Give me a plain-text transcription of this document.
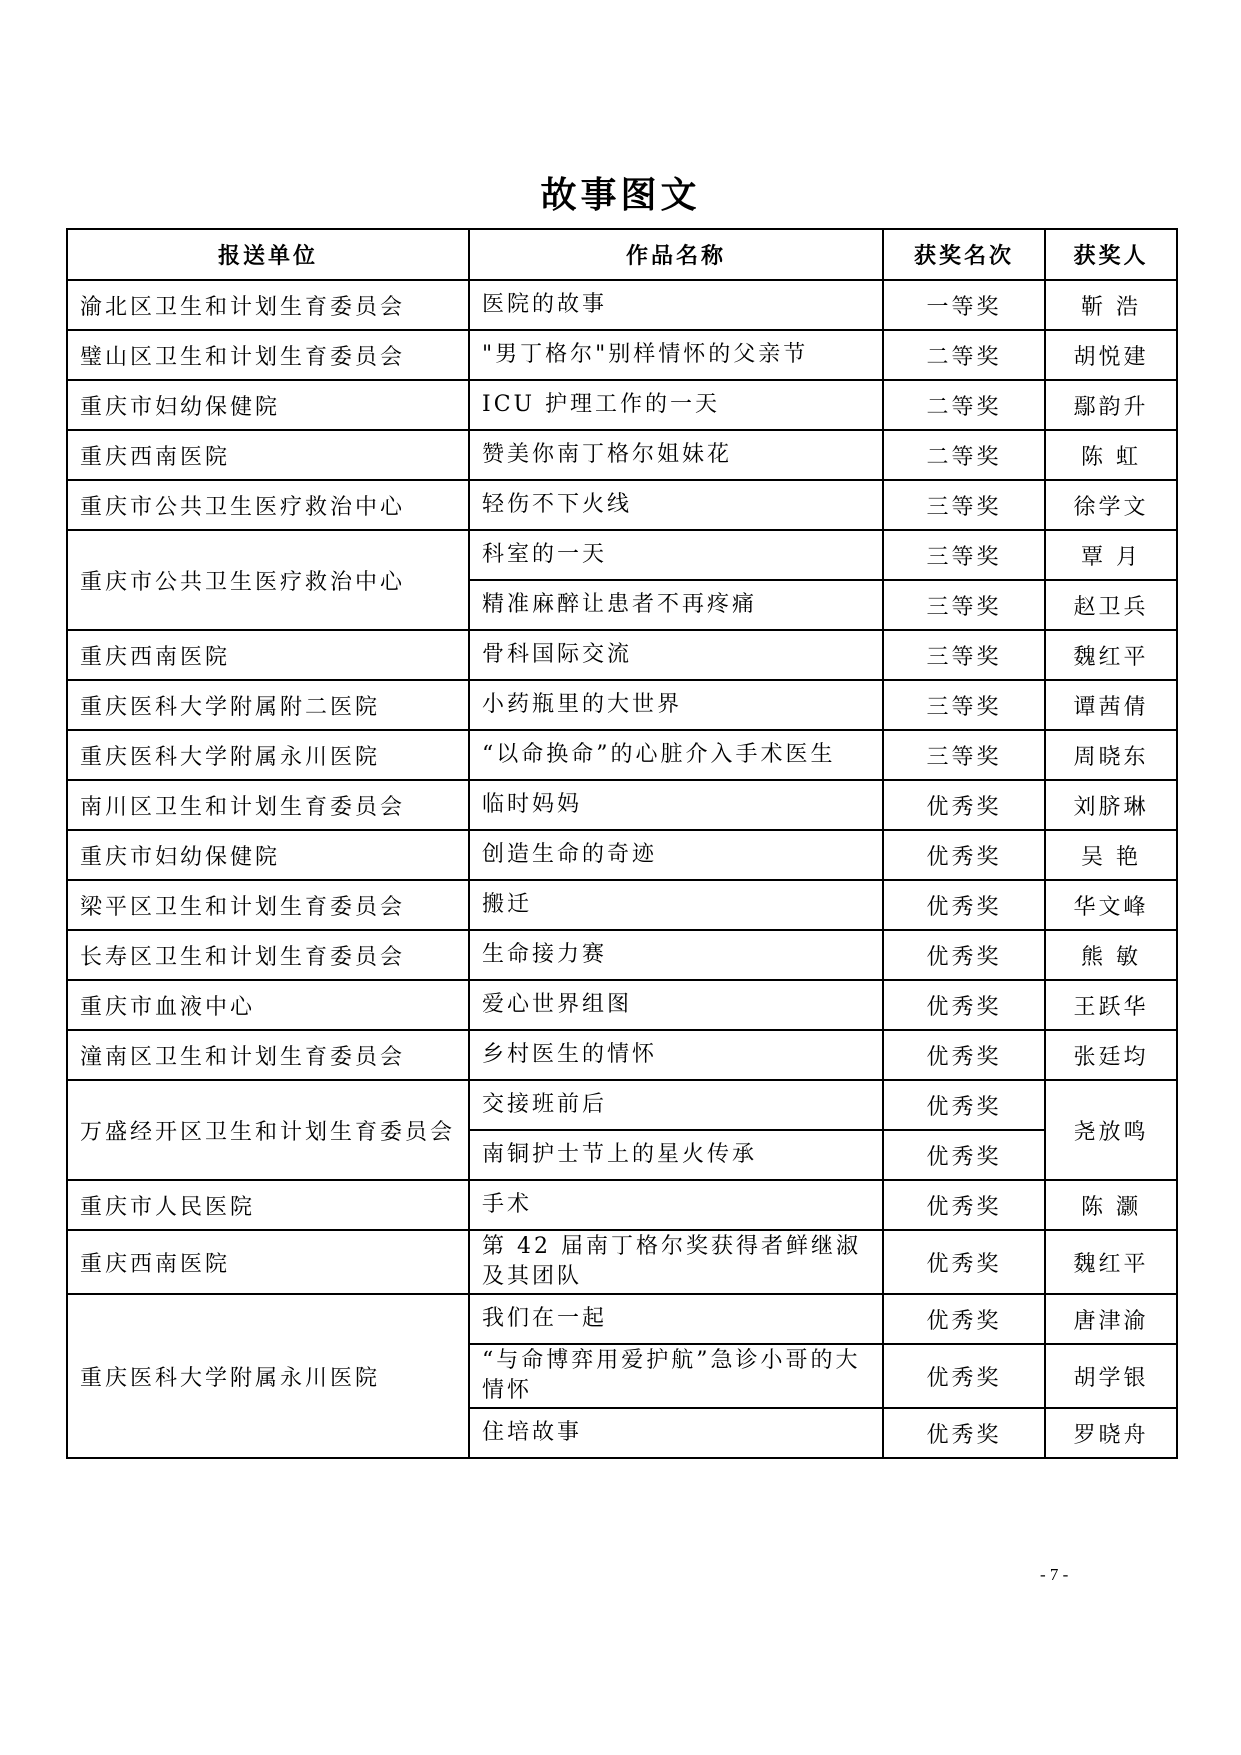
故事图文
报送单位	作品名称	获奖名次	获奖人
渝北区卫生和计划生育委员会	医院的故事	一等奖	靳 浩
璧山区卫生和计划生育委员会	"男丁格尔"别样情怀的父亲节	二等奖	胡悦建
重庆市妇幼保健院	ICU 护理工作的一天	二等奖	鄢韵升
重庆西南医院	赞美你南丁格尔姐妹花	二等奖	陈 虹
重庆市公共卫生医疗救治中心	轻伤不下火线	三等奖	徐学文
重庆市公共卫生医疗救治中心	科室的一天	三等奖	覃 月
	精准麻醉让患者不再疼痛	三等奖	赵卫兵
重庆西南医院	骨科国际交流	三等奖	魏红平
重庆医科大学附属附二医院	小药瓶里的大世界	三等奖	谭茜倩
重庆医科大学附属永川医院	“以命换命”的心脏介入手术医生	三等奖	周晓东
南川区卫生和计划生育委员会	临时妈妈	优秀奖	刘脐琳
重庆市妇幼保健院	创造生命的奇迹	优秀奖	吴 艳
梁平区卫生和计划生育委员会	搬迁	优秀奖	华文峰
长寿区卫生和计划生育委员会	生命接力赛	优秀奖	熊 敏
重庆市血液中心	爱心世界组图	优秀奖	王跃华
潼南区卫生和计划生育委员会	乡村医生的情怀	优秀奖	张廷均
万盛经开区卫生和计划生育委员会	交接班前后	优秀奖	尧放鸣
	南铜护士节上的星火传承	优秀奖	
重庆市人民医院	手术	优秀奖	陈 灏
重庆西南医院	第 42 届南丁格尔奖获得者鲜继淑及其团队	优秀奖	魏红平
重庆医科大学附属永川医院	我们在一起	优秀奖	唐津渝
	“与命博弈用爱护航”急诊小哥的大情怀	优秀奖	胡学银
	住培故事	优秀奖	罗晓舟
- 7 -
